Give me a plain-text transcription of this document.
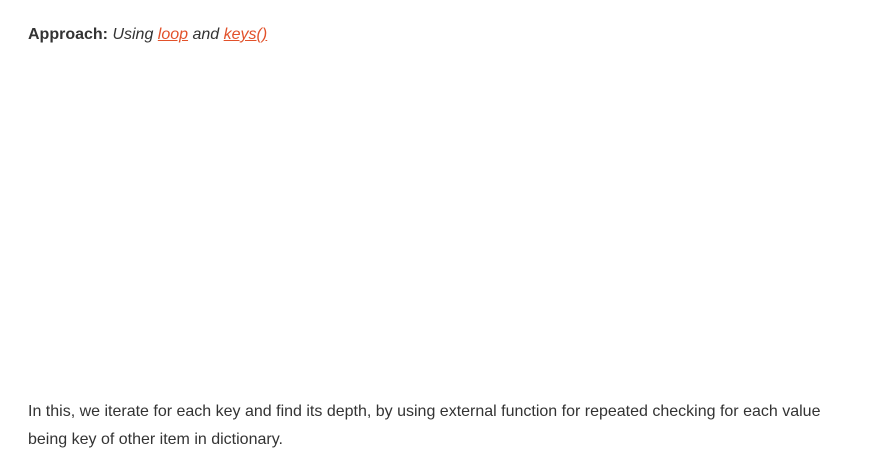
Approach: Using loop and keys()

In this, we iterate for each key and find its depth, by using external function for repeated checking for each value being key of other item in dictionary.
